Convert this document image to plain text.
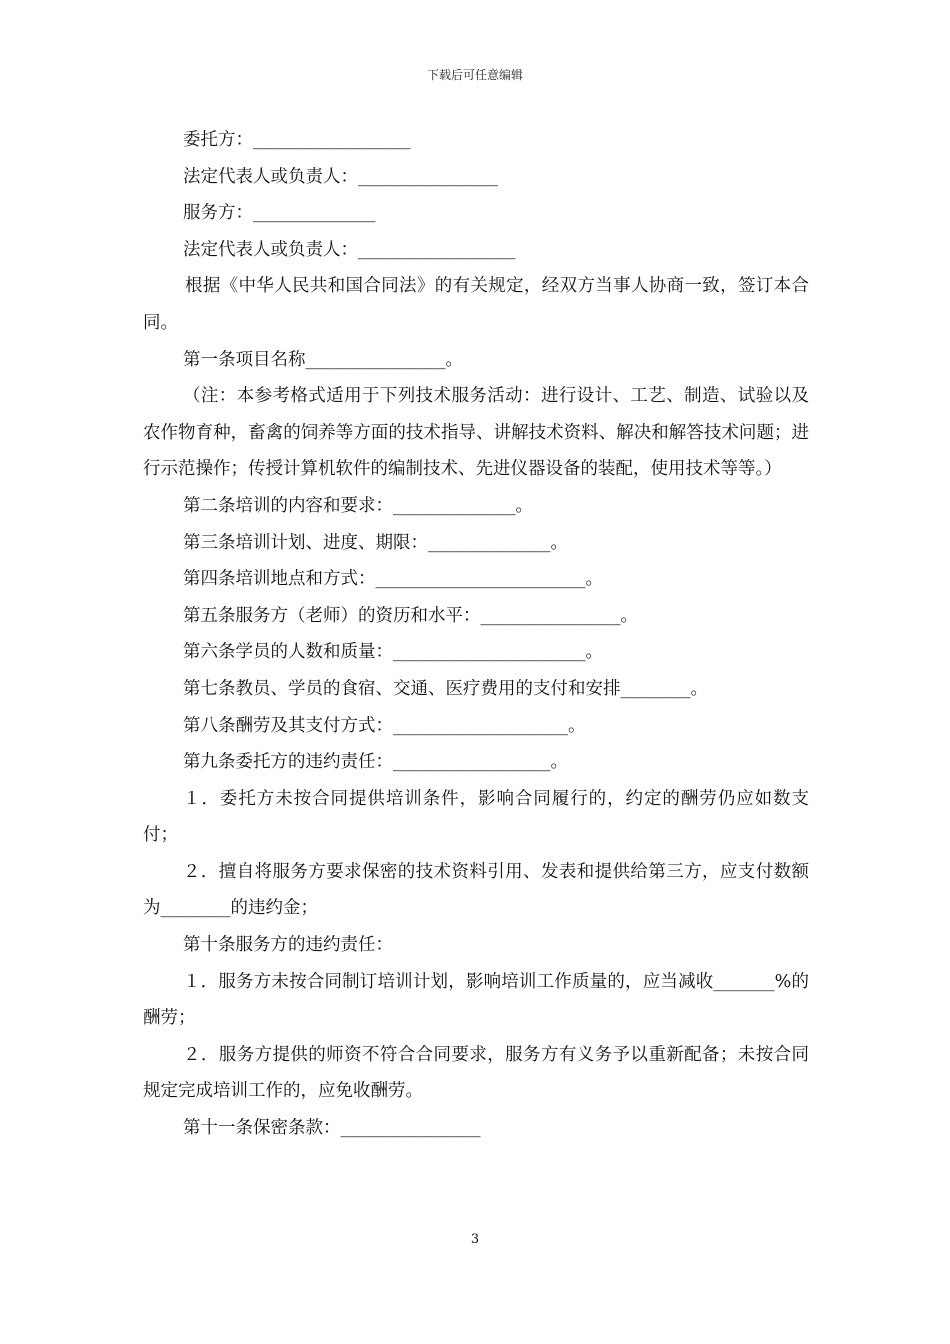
下载后可任意编辑

委托方：__________________

法定代表人或负责人：________________

服务方：______________

法定代表人或负责人：__________________

根据《中华人民共和国合同法》的有关规定，经双方当事人协商一致，签订本合同。

第一条项目名称________________。

（注：本参考格式适用于下列技术服务活动：进行设计、工艺、制造、试验以及农作物育种，畜禽的饲养等方面的技术指导、讲解技术资料、解决和解答技术问题；进行示范操作；传授计算机软件的编制技术、先进仪器设备的装配，使用技术等等。）

第二条培训的内容和要求：______________。

第三条培训计划、进度、期限：______________。

第四条培训地点和方式：________________________。

第五条服务方（老师）的资历和水平：________________。

第六条学员的人数和质量：______________________。

第七条教员、学员的食宿、交通、医疗费用的支付和安排________。

第八条酬劳及其支付方式：____________________。

第九条委托方的违约责任：__________________。

１．委托方未按合同提供培训条件，影响合同履行的，约定的酬劳仍应如数支付；

２．擅自将服务方要求保密的技术资料引用、发表和提供给第三方，应支付数额为________的违约金；

第十条服务方的违约责任：

１．服务方未按合同制订培训计划，影响培训工作质量的，应当减收_______%的酬劳；

２．服务方提供的师资不符合合同要求，服务方有义务予以重新配备；未按合同规定完成培训工作的，应免收酬劳。

第十一条保密条款：________________

3
